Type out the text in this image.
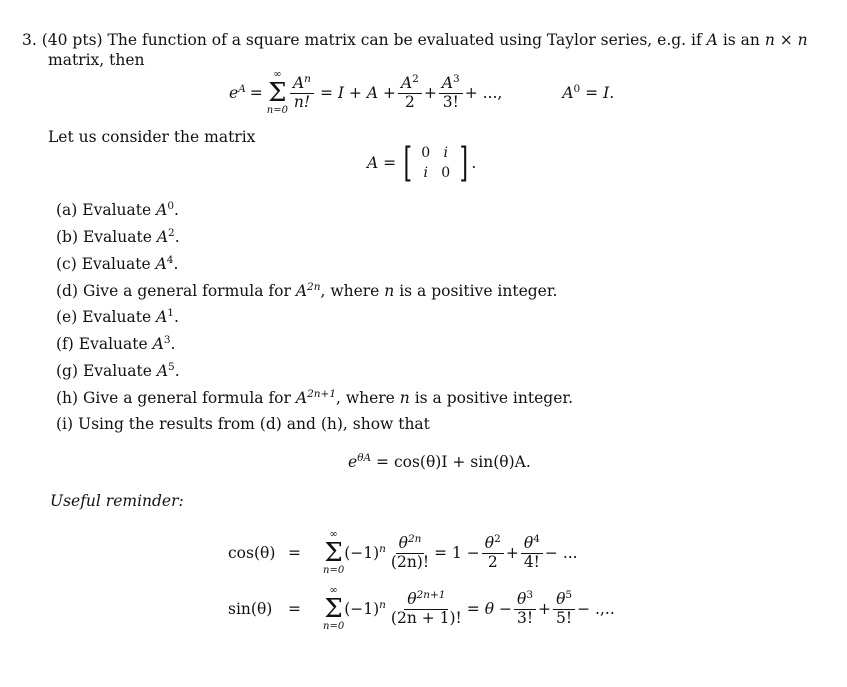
3. (40 pts) The function of a square matrix can be evaluated using Taylor series, e.g. if A is an n × n
matrix, then
$e^A$ =
∞
Σ
$n=0 \frac{A^n}{n!} = I + A + \frac{A^2}{2} + \frac{A^3}{3!}$ + ...,	$A^0 = I$.
Let us consider the matrix
A = [ 0 i
i 0 ] .
(a) Evaluate $A^0$.
(b) Evaluate $A^2$.
(c) Evaluate $A^4$.
(d) Give a general formula for $A^{2n}$, where n is a positive integer.
(e) Evaluate $A^1$.
(f) Evaluate $A^3$.
(g) Evaluate $A^5$.
(h) Give a general formula for $A^{2n+1}$, where n is a positive integer.
(i) Using the results from (d) and (h), show that
$e^{\theta A} = \cos(\theta)I + \sin(\theta)A$.
Useful reminder:
cos(θ) =
∞
Σ
n=0
$(-1)^n \frac{\theta^{2n}}{(2n)!} = 1 - \frac{\theta^2}{2} + \frac{\theta^4}{4!}$ − ...
sin(θ)	=
∞
Σ
n=0
$(-1)^n \frac{\theta^{2n+1}}{(2n + 1)!} = \theta - \frac{\theta^3}{3!} + \frac{\theta^5}{5!}$ − .,..
